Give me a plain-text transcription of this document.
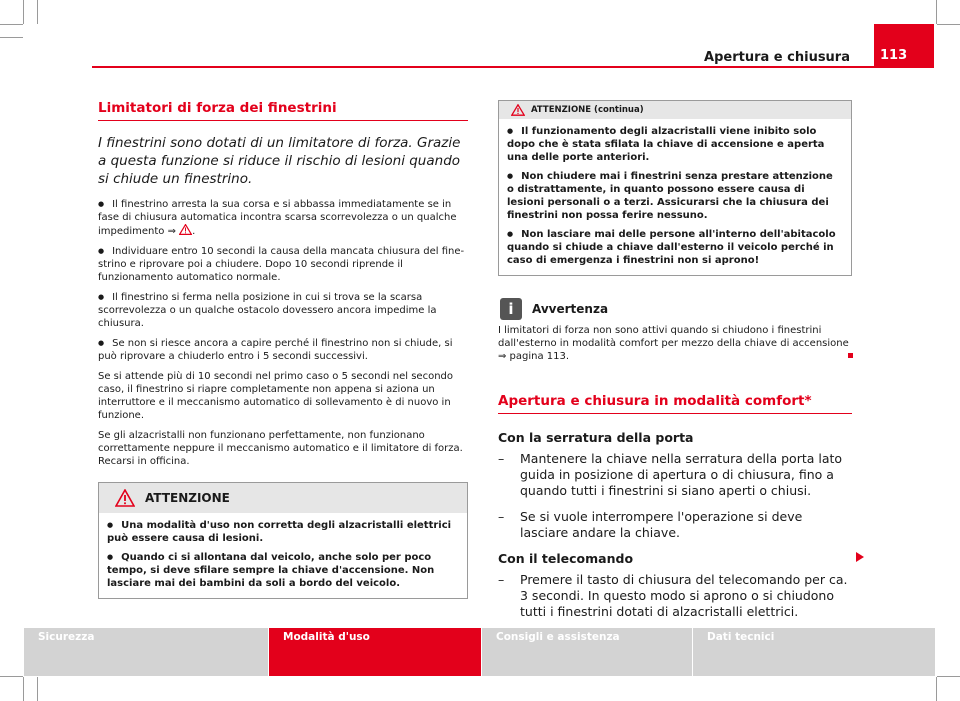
Apertura e chiusura 113
Limitatori di forza dei finestrini
I finestrini sono dotati di un limitatore di forza. Grazie a questa funzione si riduce il rischio di lesioni quando si chiude un finestrino.

● Il finestrino arresta la sua corsa e si abbassa immediatamente se in fase di chiusura automatica incontra scarsa scorrevolezza o un qualche impedimento ⇒ .

● Individuare entro 10 secondi la causa della mancata chiusura del finestrino e riprovare poi a chiudere. Dopo 10 secondi riprende il funzionamento automatico normale.

● Il finestrino si ferma nella posizione in cui si trova se la scarsa scorrevolezza o un qualche ostacolo dovessero ancora impedime la chiusura.

● Se non si riesce ancora a capire perché il finestrino non si chiude, si può riprovare a chiuderlo entro i 5 secondi successivi.

Se si attende più di 10 secondi nel primo caso o 5 secondi nel secondo caso, il finestrino si riapre completamente non appena si aziona un interruttore e il meccanismo automatico di sollevamento è di nuovo in funzione.

Se gli alzacristalli non funzionano perfettamente, non funzionano correttamente neppure il meccanismo automatico e il limitatore di forza. Recarsi in officina.

ATTENZIONE

● Una modalità d'uso non corretta degli alzacristalli elettrici può essere causa di lesioni.

● Quando ci si allontana dal veicolo, anche solo per poco tempo, si deve sfilare sempre la chiave d'accensione. Non lasciare mai dei bambini da soli a bordo del veicolo.

ATTENZIONE (continua)

● Il funzionamento degli alzacristalli viene inibito solo dopo che è stata sfilata la chiave di accensione e aperta una delle porte anteriori.

● Non chiudere mai i finestrini senza prestare attenzione o distrattamente, in quanto possono essere causa di lesioni personali o a terzi. Assicurarsi che la chiusura dei finestrini non possa ferire nessuno.

● Non lasciare mai delle persone all'interno dell'abitacolo quando si chiude a chiave dall'esterno il veicolo perché in caso di emergenza i finestrini non si aprono!

i	Avvertenza

I limitatori di forza non sono attivi quando si chiudono i finestrini dall'esterno in modalità comfort per mezzo della chiave di accensione
⇒ pagina 113.

Apertura e chiusura in modalità comfort*
Con la serratura della porta
–	Mantenere la chiave nella serratura della porta lato guida in posizione di apertura o di chiusura, fino a quando tutti i finestrini si siano aperti o chiusi.
–	Se si vuole interrompere l'operazione si deve lasciare andare la chiave.
Con il telecomando
–	Premere il tasto di chiusura del telecomando per ca. 3 secondi. In questo modo si aprono o si chiudono tutti i finestrini dotati di alzacristalli elettrici.
Sicurezza	Modalità d'uso	Consigli e assistenza	Dati tecnici
